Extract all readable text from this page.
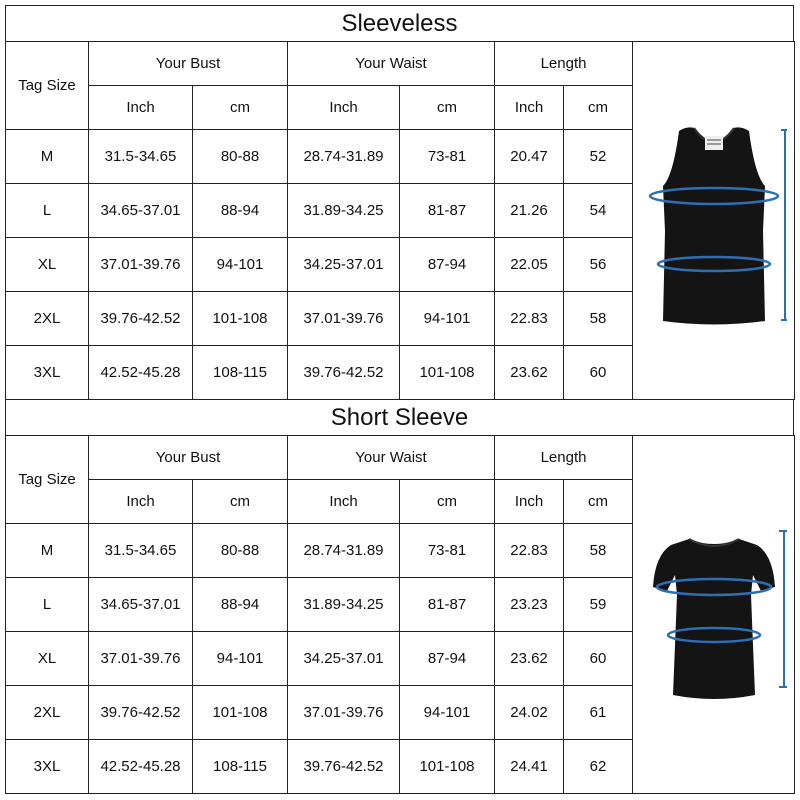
Sleeveless
Tag Size	Your Bust		Your Waist		Length	

	Inch	cm	Inch	cm	Inch	cm	
M	31.5-34.65	80-88	28.74-31.89	73-81	20.47	52	
L	34.65-37.01	88-94	31.89-34.25	81-87	21.26	54	
XL	37.01-39.76	94-101	34.25-37.01	87-94	22.05	56	
2XL	39.76-42.52	101-108	37.01-39.76	94-101	22.83	58	
3XL	42.52-45.28	108-115	39.76-42.52	101-108	23.62	60	
Short Sleeve
Tag Size	Your Bust		Your Waist		Length	

	Inch	cm	Inch	cm	Inch	cm	
M	31.5-34.65	80-88	28.74-31.89	73-81	22.83	58	
L	34.65-37.01	88-94	31.89-34.25	81-87	23.23	59	
XL	37.01-39.76	94-101	34.25-37.01	87-94	23.62	60	
2XL	39.76-42.52	101-108	37.01-39.76	94-101	24.02	61	
3XL	42.52-45.28	108-115	39.76-42.52	101-108	24.41	62	
